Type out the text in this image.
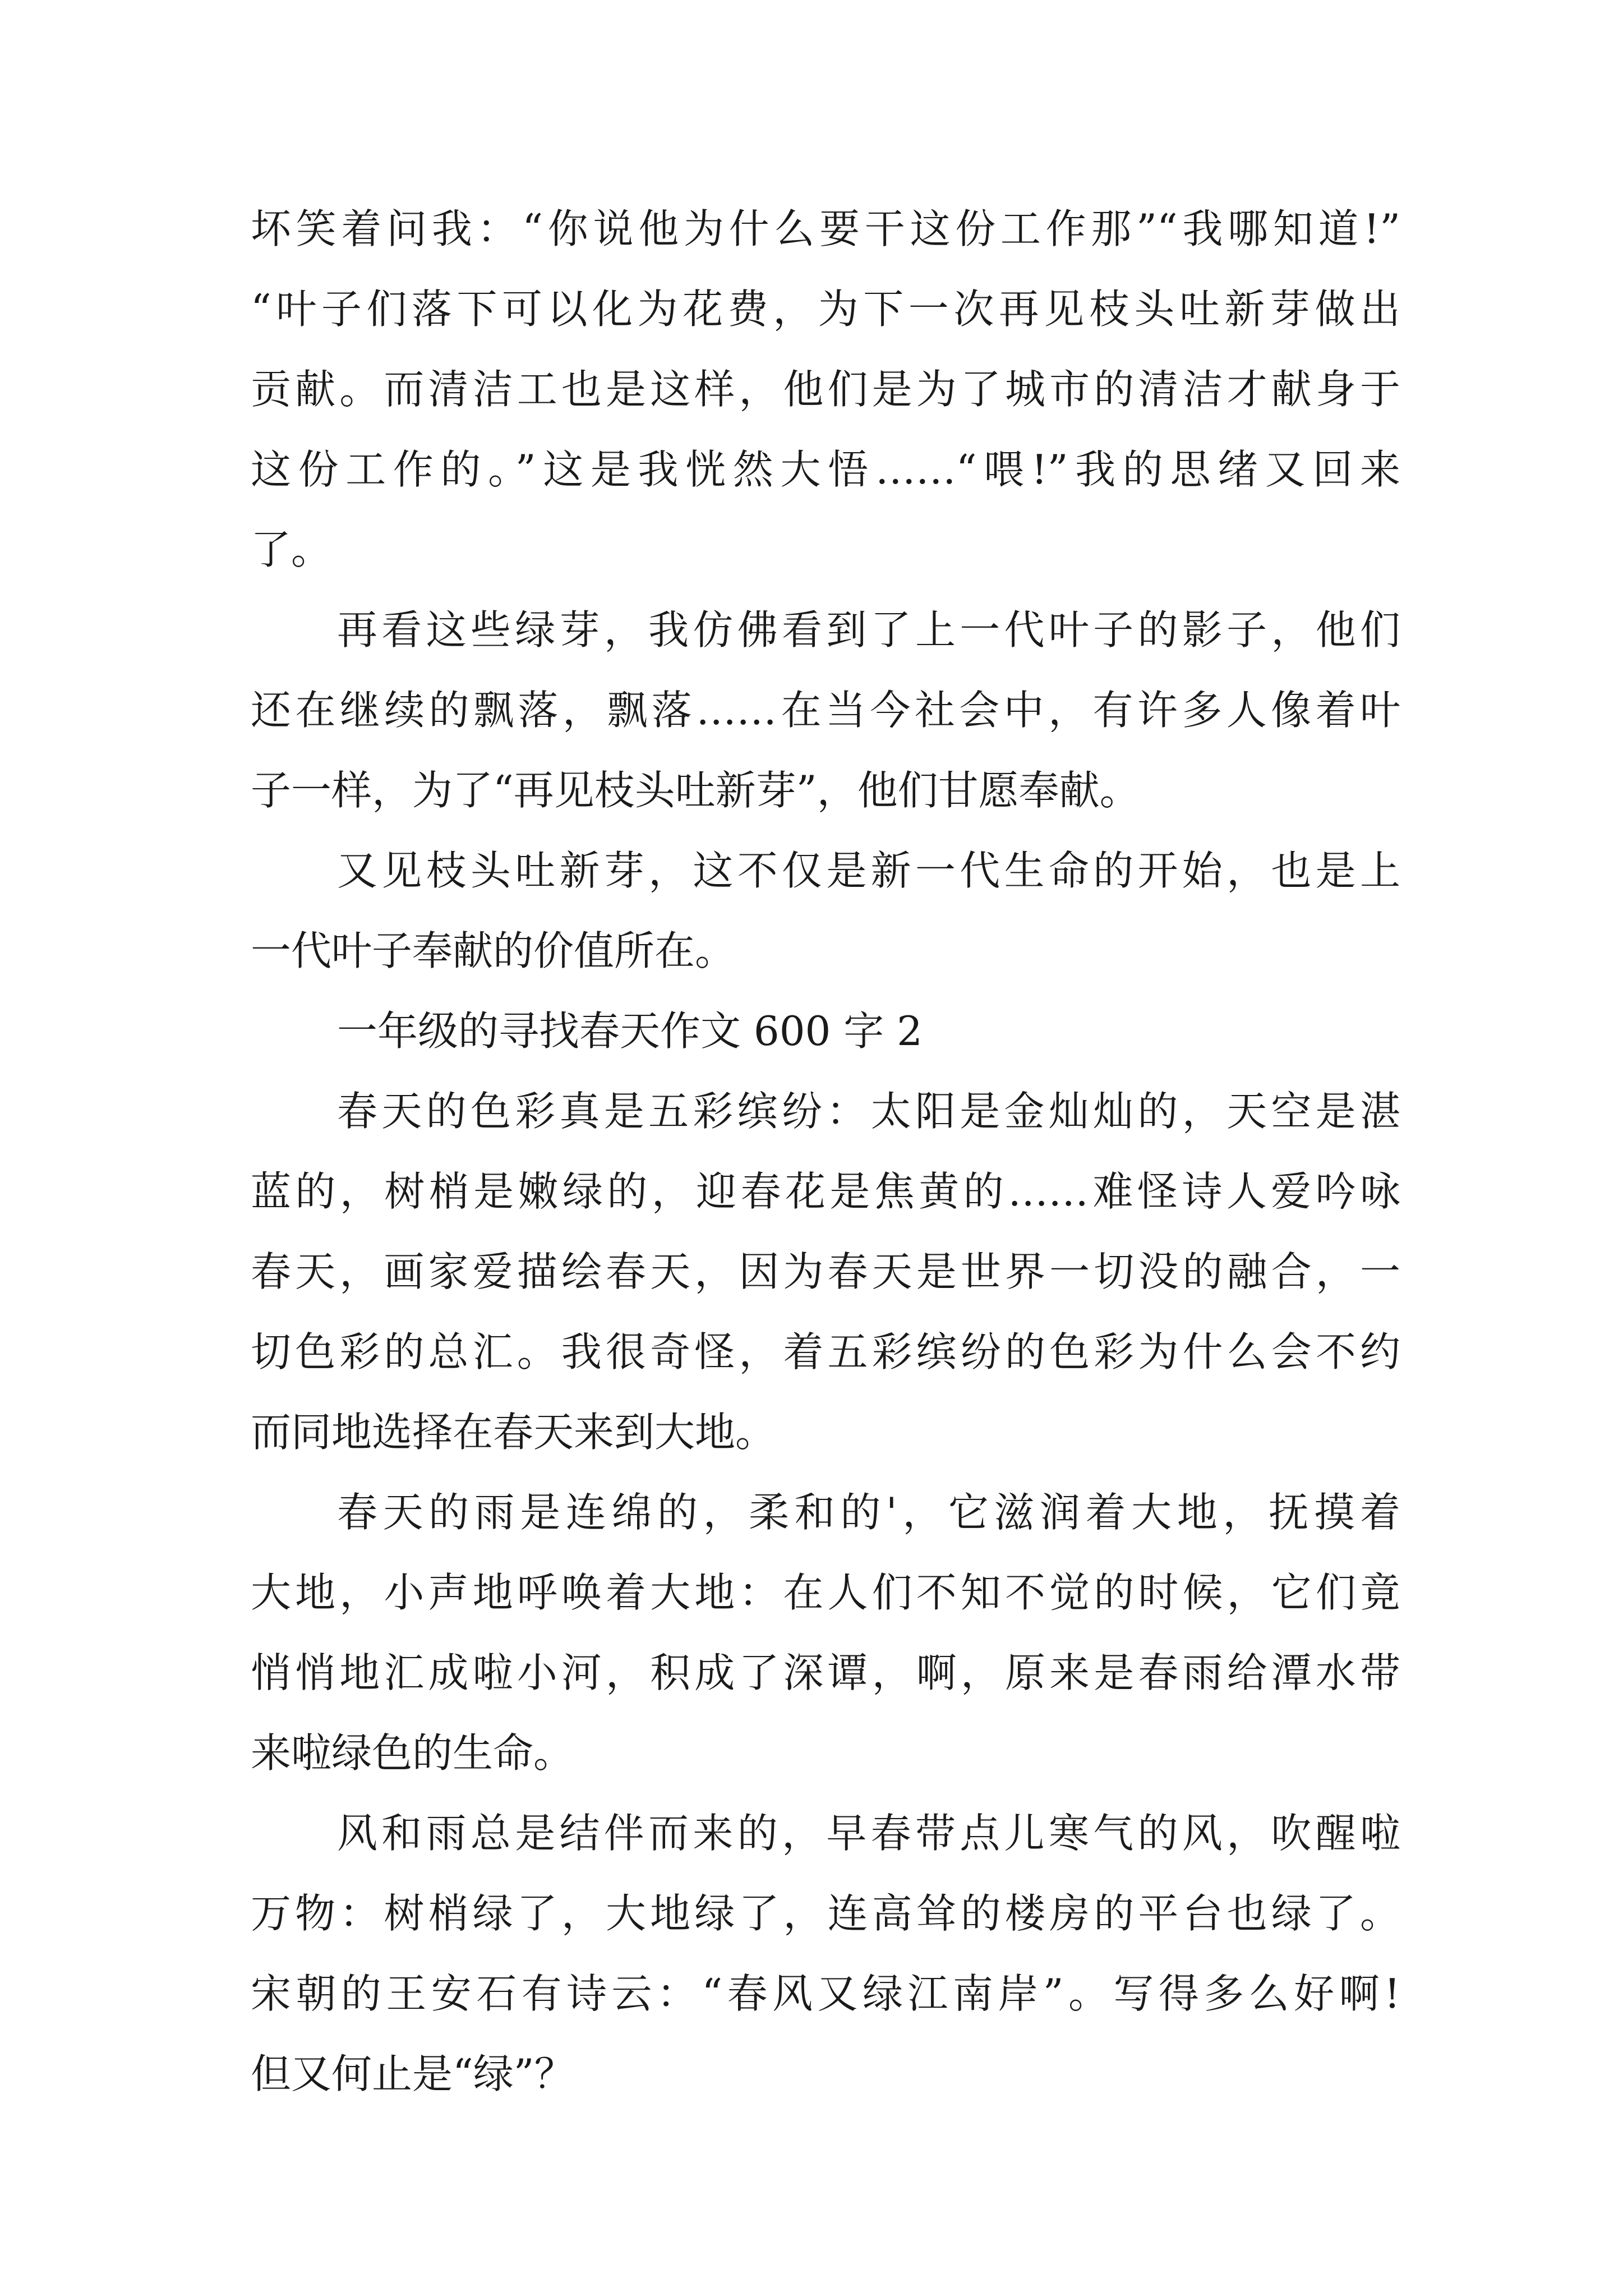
坏笑着问我：“你说他为什么要干这份工作那”“我哪知道!”
“叶子们落下可以化为花费，为下一次再见枝头吐新芽做出
贡献。而清洁工也是这样，他们是为了城市的清洁才献身于
这份工作的。”这是我恍然大悟……“喂!”我的思绪又回来
了。
再看这些绿芽，我仿佛看到了上一代叶子的影子，他们
还在继续的飘落，飘落……在当今社会中，有许多人像着叶
子一样，为了“再见枝头吐新芽”，他们甘愿奉献。
又见枝头吐新芽，这不仅是新一代生命的开始，也是上
一代叶子奉献的价值所在。
一年级的寻找春天作文 600 字 2
春天的色彩真是五彩缤纷：太阳是金灿灿的，天空是湛
蓝的，树梢是嫩绿的，迎春花是焦黄的……难怪诗人爱吟咏
春天，画家爱描绘春天，因为春天是世界一切没的融合，一
切色彩的总汇。我很奇怪，着五彩缤纷的色彩为什么会不约
而同地选择在春天来到大地。
春天的雨是连绵的，柔和的'，它滋润着大地，抚摸着
大地，小声地呼唤着大地：在人们不知不觉的时候，它们竟
悄悄地汇成啦小河，积成了深谭，啊，原来是春雨给潭水带
来啦绿色的生命。
风和雨总是结伴而来的，早春带点儿寒气的风，吹醒啦
万物：树梢绿了，大地绿了，连高耸的楼房的平台也绿了。
宋朝的王安石有诗云：“春风又绿江南岸”。写得多么好啊!
但又何止是“绿”？
